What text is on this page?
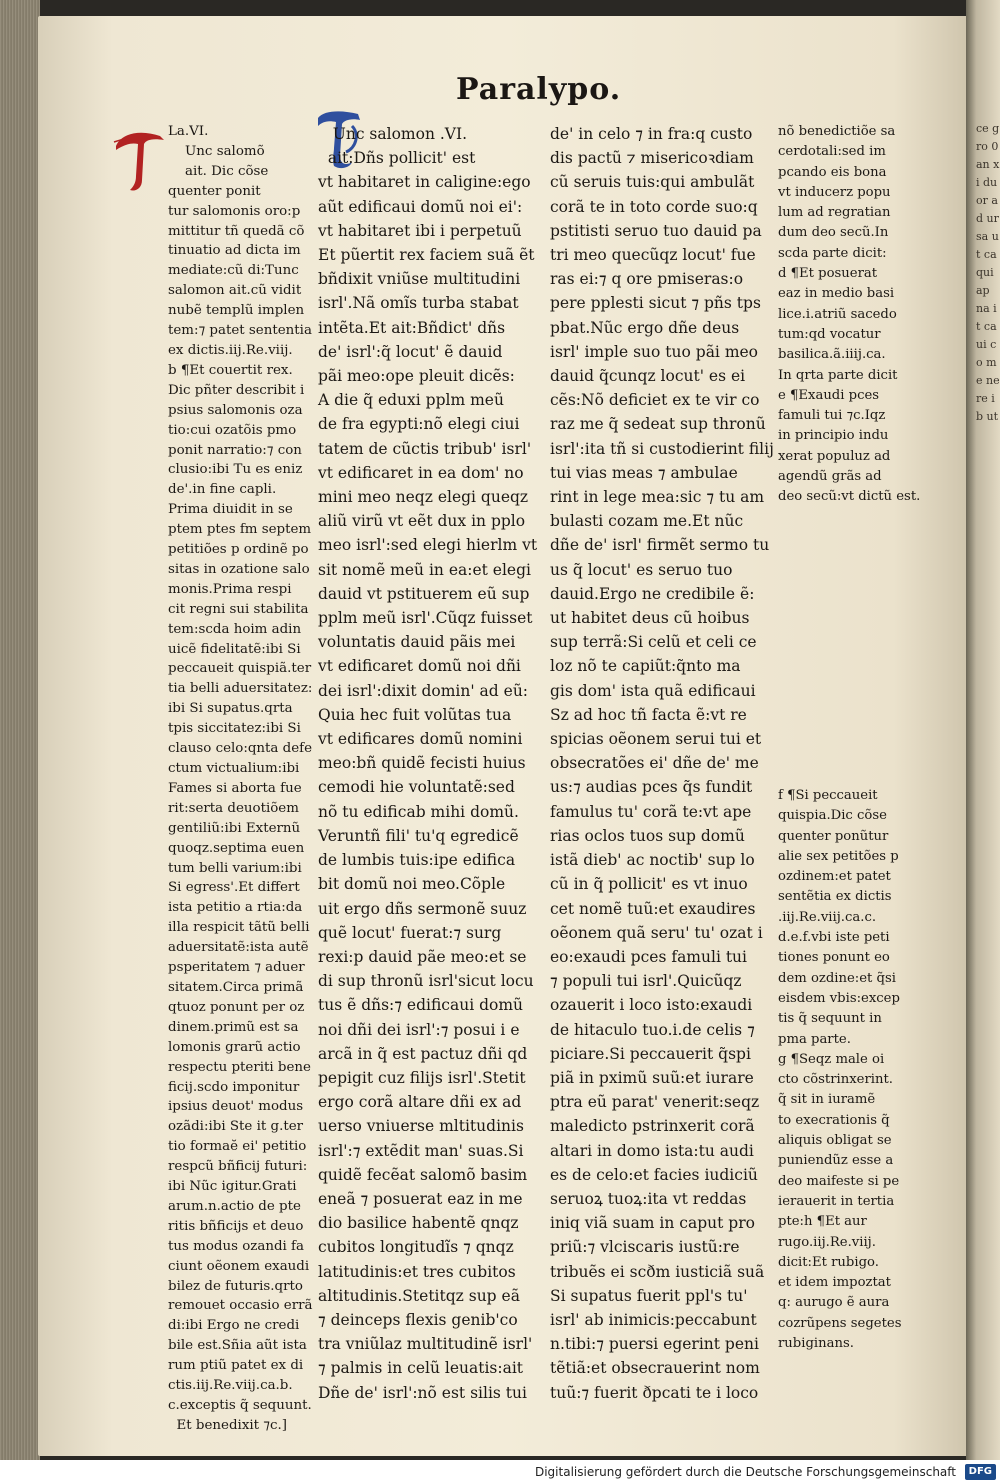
ce gro 0 an xi du or ad ur sa ut ca qui ap na it ca ui co me ne re ib ut
Paralypo.
La.VI.
Unc salomõ
ait. Dic cõse
quenter ponit
tur salomonis oro:p
mittitur tñ quedã cõ
tinuatio ad dicta im
mediate:cũ di:Tunc
salomon ait.cũ vidit
nubẽ templũ implen
tem:⁊ patet sententia
ex dictis.iij.Re.viij.
b ¶Et couertit rex.
Dic pñter describit i
psius salomonis oza
tio:cui ozatõis pmo
ponit narratio:⁊ con
clusio:ibi Tu es eniz
de'.in fine capli.
Prima diuidit in se
ptem ptes fm septem
petitiões p ordinẽ po
sitas in ozatione salo
monis.Prima respi
cit regni sui stabilita
tem:scda hoim adin
uicẽ fidelitatẽ:ibi Si
peccaueit quispiã.ter
tia belli aduersitatez:
ibi Si supatus.qrta
tpis siccitatez:ibi Si
clauso celo:qnta defe
ctum victualium:ibi
Fames si aborta fue
rit:serta deuotiõem
gentiliũ:ibi Externũ
quoqz.septima euen
tum belli varium:ibi
Si egress'.Et differt
ista petitio a rtia:da
illa respicit tãtũ belli
aduersitatẽ:ista autẽ
psperitatem ⁊ aduer
sitatem.Circa primã
qtuoz ponunt per oz
dinem.primũ est sa
lomonis grarũ actio
respectu pteriti bene
ficij.scdo imponitur
ipsius deuot' modus
ozãdi:ibi Ste it g.ter
tio formaĕ ei' petitio
respcũ bñficij futuri:
ibi Nũc igitur.Grati
arum.n.actio de pte
ritis bñficijs et deuo
tus modus ozandi fa
ciunt oẽonem exaudi
bilez de futuris.qrto
remouet occasio errã
di:ibi Ergo ne credi
bile est.Sñia aũt ista
rum ptiũ patet ex di
ctis.iij.Re.viij.ca.b.
c.exceptis q̃ sequunt.
Et benedixit ⁊c.]
Unc salomon .VI.
ait:Dñs pollicit' est
vt habitaret in caligine:ego
aũt edificaui domũ noi ei':
vt habitaret ibi i perpetuũ
Et pũertit rex faciem suã ẽt
bñdixit vniũse multitudini
isrl'.Nã omĩs turba stabat
intẽta.Et ait:Bñdict' dñs
de' isrl':q̃ locut' ẽ dauid
pãi meo:ope pleuit dicẽs:
A die q̃ eduxi pplm meũ
de fra egypti:nõ elegi ciui
tatem de cũctis tribub' isrl'
vt edificaret in ea dom' no
mini meo neqz elegi queqz
aliũ virũ vt eẽt dux in pplo
meo isrl':sed elegi hierlm vt
sit nomẽ meũ in ea:et elegi
dauid vt pstituerem eũ sup
pplm meũ isrl'.Cũqz fuisset
voluntatis dauid pãis mei
vt edificaret domũ noi dñi
dei isrl':dixit domin' ad eũ:
Quia hec fuit volũtas tua
vt edificares domũ nomini
meo:bñ quidẽ fecisti huius
cemodi hie voluntatẽ:sed
nõ tu edificab mihi domũ.
Veruntñ fili' tu'q egredicẽ
de lumbis tuis:ipe edifica
bit domũ noi meo.Cõple
uit ergo dñs sermonẽ suuz
quẽ locut' fuerat:⁊ surg
rexi:p dauid pãe meo:et se
di sup thronũ isrl'sicut locu
tus ẽ dñs:⁊ edificaui domũ
noi dñi dei isrl':⁊ posui i e
arcã in q̃ est pactuz dñi qd
pepigit cuz filijs isrl'.Stetit
ergo corã altare dñi ex ad
uerso vniuerse mltitudinis
isrl':⁊ extẽdit man' suas.Si
quidẽ fecẽat salomõ basim
eneã ⁊ posuerat eaz in me
dio basilice habentẽ qnqz
cubitos longitudĩs ⁊ qnqz
latitudinis:et tres cubitos
altitudinis.Stetitqz sup eã
⁊ deinceps flexis genib'co
tra vniũlaz multitudinẽ isrl'
⁊ palmis in celũ leuatis:ait
Dñe de' isrl':nõ est silis tui
de' in celo ⁊ in fra:q custo
dis pactũ ⁊ misericoꝛdiam
cũ seruis tuis:qui ambulãt
corã te in toto corde suo:q
pstitisti seruo tuo dauid pa
tri meo quecũqz locut' fue
ras ei:⁊ q ore pmiseras:o
pere pplesti sicut ⁊ pñs tps
pbat.Nũc ergo dñe deus
isrl' imple suo tuo pãi meo
dauid q̃cunqz locut' es ei
cẽs:Nõ deficiet ex te vir co
raz me q̃ sedeat sup thronũ
isrl':ita tñ si custodierint filij
tui vias meas ⁊ ambulae
rint in lege mea:sic ⁊ tu am
bulasti cozam me.Et nũc
dñe de' isrl' firmẽt sermo tu
us q̃ locut' es seruo tuo
dauid.Ergo ne credibile ẽ:
ut habitet deus cũ hoibus
sup terrã:Si celũ et celi ce
loz nõ te capiũt:q̃nto ma
gis dom' ista quã edificaui
Sz ad hoc tñ facta ẽ:vt re
spicias oẽonem serui tui et
obsecratões ei' dñe de' me
us:⁊ audias pces q̃s fundit
famulus tu' corã te:vt ape
rias oclos tuos sup domũ
istã dieb' ac noctib' sup lo
cũ in q̃ pollicit' es vt inuo
cet nomẽ tuũ:et exaudires
oẽonem quã seru' tu' ozat i
eo:exaudi pces famuli tui
⁊ populi tui isrl'.Quicũqz
ozauerit i loco isto:exaudi
de hitaculo tuo.i.de celis ⁊
piciare.Si peccauerit q̃spi
piã in pximũ suũ:et iurare
ptra eũ parat' venerit:seqz
maledicto pstrinxerit corã
altari in domo ista:tu audi
es de celo:et facies iudiciũ
seruoꝝ tuoꝝ:ita vt reddas
iniq viã suam in caput pro
priũ:⁊ vlciscaris iustũ:re
tribuẽs ei scðm iusticiã suã
Si supatus fuerit ppl's tu'
isrl' ab inimicis:peccabunt
n.tibi:⁊ puersi egerint peni
tẽtiã:et obsecrauerint nom
tuũ:⁊ fuerit ðpcati te i loco
nõ benedictiõe sa
cerdotali:sed im
pcando eis bona
vt inducerz popu
lum ad regratian
dum deo secũ.In
scda parte dicit:
d ¶Et posuerat
eaz in medio basi
lice.i.atriũ sacedo
tum:qd vocatur
basilica.ã.iiij.ca.
In qrta parte dicit
e ¶Exaudi pces
famuli tui ⁊c.Iqz
in principio indu
xerat populuz ad
agendũ grãs ad
deo secũ:vt dictũ
f ¶Si peccaueit
quispia.Dic cõse
quenter ponũtur
alie sex petitões p
ozdinem:et patet
sentẽtia ex dictis
.iij.Re.viij.ca.c.
d.e.f.vbi iste peti
tiones ponunt eo
dem ozdine:et q̃si
eisdem vbis:excep
tis q̃ sequunt in
pma parte.
g ¶Seqz male oi
cto cõstrinxerint.
q̃ sit in iuramẽ
to execrationis q̃
aliquis obligat se
puniendũz esse a
deo maifeste si pe
ierauerit in tertia
pte:h ¶Et aur
rugo.iij.Re.viij.
dicit:Et rubigo.
et idem impoztat
q: aurugo ẽ aura
cozrũpens segetes
rubiginans.
Digitalisierung gefördert durch die Deutsche Forschungsgemeinschaft	DFG
